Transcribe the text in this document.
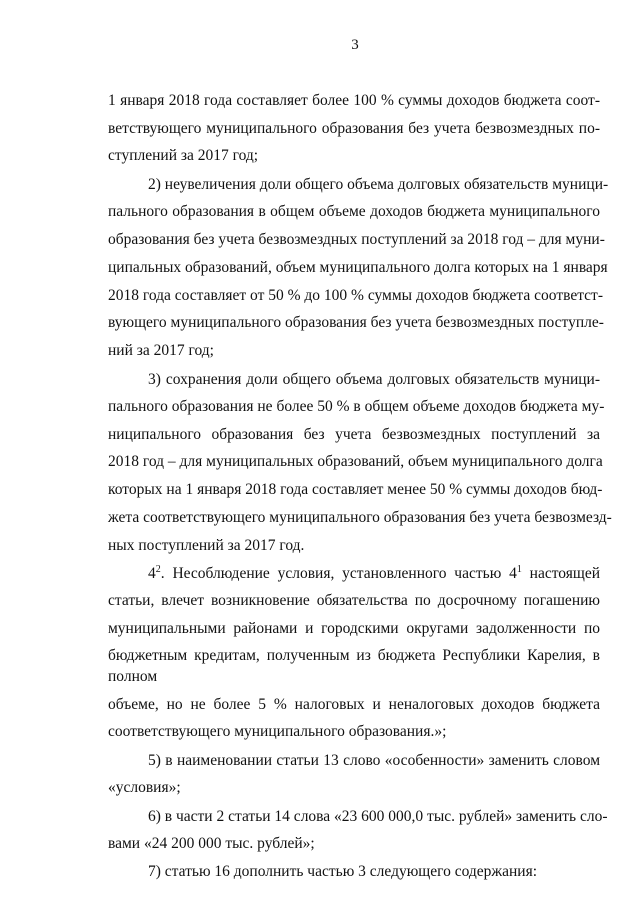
3
1 января 2018 года составляет более 100 % суммы доходов бюджета соот-
ветствующего муниципального образования без учета безвозмездных по-
ступлений за 2017 год;
2) неувеличения доли общего объема долговых обязательств муници-
пального образования в общем объеме доходов бюджета муниципального
образования без учета безвозмездных поступлений за 2018 год – для муни-
ципальных образований, объем муниципального долга которых на 1 января
2018 года составляет от 50 % до 100 % суммы доходов бюджета соответст-
вующего муниципального образования без учета безвозмездных поступле-
ний за 2017 год;
3) сохранения доли общего объема долговых обязательств муници-
пального образования не более 50 % в общем объеме доходов бюджета му-
ниципального образования без учета безвозмездных поступлений за
2018 год – для муниципальных образований, объем муниципального долга
которых на 1 января 2018 года составляет менее 50 % суммы доходов бюд-
жета соответствующего муниципального образования без учета безвозмезд-
ных поступлений за 2017 год.
$4^2$. Несоблюдение условия, установленного частью $4^1$ настоящей
статьи, влечет возникновение обязательства по досрочному погашению
муниципальными районами и городскими округами задолженности по
бюджетным кредитам, полученным из бюджета Республики Карелия, в
полном
объеме, но не более 5 % налоговых и неналоговых доходов бюджета
соответствующего муниципального образования.»;
5) в наименовании статьи 13 слово «особенности» заменить словом
«условия»;
6) в части 2 статьи 14 слова «23 600 000,0 тыс. рублей» заменить сло-
вами «24 200 000 тыс. рублей»;
7) статью 16 дополнить частью 3 следующего содержания:
